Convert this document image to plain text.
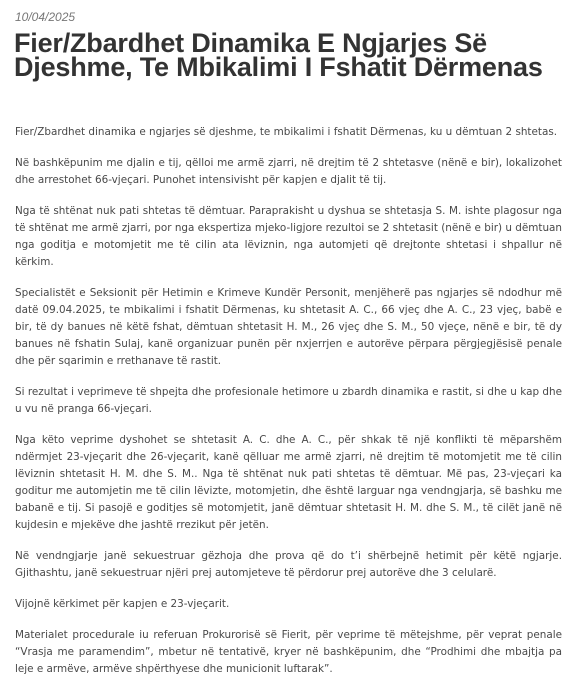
10/04/2025
Fier/Zbardhet Dinamika E Ngjarjes Së Djeshme, Te Mbikalimi I Fshatit Dërmenas

Fier/Zbardhet dinamika e ngjarjes së djeshme, te mbikalimi i fshatit Dërmenas, ku u dëmtuan 2 shtetas.

Në bashkëpunim me djalin e tij, qëlloi me armë zjarri, në drejtim të 2 shtetasve (nënë e bir), lokalizohet dhe arrestohet 66-vjeçari. Punohet intensivisht për kapjen e djalit të tij.

Nga të shtënat nuk pati shtetas të dëmtuar. Paraprakisht u dyshua se shtetasja S. M. ishte plagosur nga të shtënat me armë zjarri, por nga ekspertiza mjeko-ligjore rezultoi se 2 shtetasit (nënë e bir) u dëmtuan nga goditja e motomjetit me të cilin ata lëviznin, nga automjeti që drejtonte shtetasi i shpallur në kërkim.

Specialistët e Seksionit për Hetimin e Krimeve Kundër Personit, menjëherë pas ngjarjes së ndodhur më datë 09.04.2025, te mbikalimi i fshatit Dërmenas, ku shtetasit A. C., 66 vjeç dhe A. C., 23 vjeç, babë e bir, të dy banues në këtë fshat, dëmtuan shtetasit H. M., 26 vjeç dhe S. M., 50 vjeçe, nënë e bir, të dy banues në fshatin Sulaj, kanë organizuar punën për nxjerrjen e autorëve përpara përgjegjësisë penale dhe për sqarimin e rrethanave të rastit.

Si rezultat i veprimeve të shpejta dhe profesionale hetimore u zbardh dinamika e rastit, si dhe u kap dhe u vu në pranga 66-vjeçari.

Nga këto veprime dyshohet se shtetasit A. C. dhe A. C., për shkak të një konflikti të mëparshëm ndërmjet 23-vjeçarit dhe 26-vjeçarit, kanë qëlluar me armë zjarri, në drejtim të motomjetit me të cilin lëviznin shtetasit H. M. dhe S. M.. Nga të shtënat nuk pati shtetas të dëmtuar. Më pas, 23-vjeçari ka goditur me automjetin me të cilin lëvizte, motomjetin, dhe është larguar nga vendngjarja, së bashku me babanë e tij. Si pasojë e goditjes së motomjetit, janë dëmtuar shtetasit H. M. dhe S. M., të cilët janë në kujdesin e mjekëve dhe jashtë rrezikut për jetën.

Në vendngjarje janë sekuestruar gëzhoja dhe prova që do t’i shërbejnë hetimit për këtë ngjarje. Gjithashtu, janë sekuestruar njëri prej automjeteve të përdorur prej autorëve dhe 3 celularë.

Vijojnë kërkimet për kapjen e 23-vjeçarit.

Materialet procedurale iu referuan Prokurorisë së Fierit, për veprime të mëtejshme, për veprat penale “Vrasja me paramendim”, mbetur në tentativë, kryer në bashkëpunim, dhe “Prodhimi dhe mbajtja pa leje e armëve, armëve shpërthyese dhe municionit luftarak”.
